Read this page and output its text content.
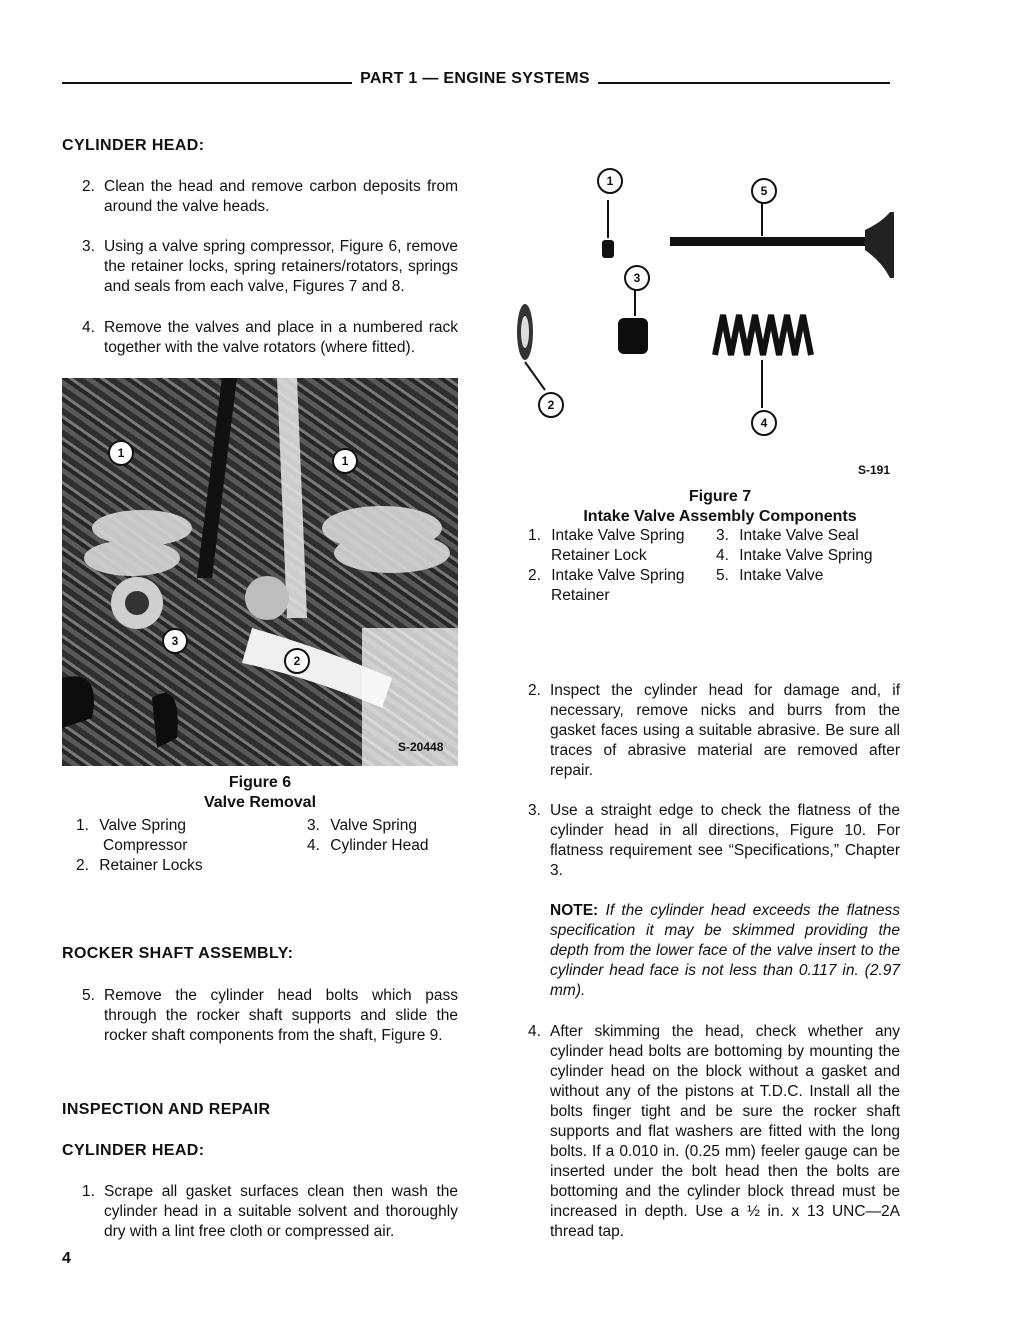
PART 1 — ENGINE SYSTEMS
CYLINDER HEAD:
2. Clean the head and remove carbon deposits from around the valve heads.
3. Using a valve spring compressor, Figure 6, remove the retainer locks, spring retainers/rotators, springs and seals from each valve, Figures 7 and 8.
4. Remove the valves and place in a numbered rack together with the valve rotators (where fitted).
1
1
3
2
S-20448
Figure 6
Valve Removal
1. Valve Spring
Compressor
2. Retainer Locks
3. Valve Spring
4. Cylinder Head
ROCKER SHAFT ASSEMBLY:
5. Remove the cylinder head bolts which pass through the rocker shaft supports and slide the rocker shaft components from the shaft, Figure 9.
INSPECTION AND REPAIR
CYLINDER HEAD:
1. Scrape all gasket surfaces clean then wash the cylinder head in a suitable solvent and thoroughly dry with a lint free cloth or compressed air.
4
1
5
3
2
4
S-191
Figure 7
Intake Valve Assembly Components
1. Intake Valve Spring
Retainer Lock
2. Intake Valve Spring
Retainer
3. Intake Valve Seal
4. Intake Valve Spring
5. Intake Valve
2. Inspect the cylinder head for damage and, if necessary, remove nicks and burrs from the gasket faces using a suitable abrasive. Be sure all traces of abrasive material are removed after repair.
3. Use a straight edge to check the flatness of the cylinder head in all directions, Figure 10. For flatness requirement see “Specifications,” Chapter 3.
NOTE: If the cylinder head exceeds the flatness specification it may be skimmed providing the depth from the lower face of the valve insert to the cylinder head face is not less than 0.117 in. (2.97 mm).
4. After skimming the head, check whether any cylinder head bolts are bottoming by mounting the cylinder head on the block without a gasket and without any of the pistons at T.D.C. Install all the bolts finger tight and be sure the rocker shaft supports and flat washers are fitted with the long bolts. If a 0.010 in. (0.25 mm) feeler gauge can be inserted under the bolt head then the bolts are bottoming and the cylinder block thread must be increased in depth. Use a ½ in. x 13 UNC—2A thread tap.
